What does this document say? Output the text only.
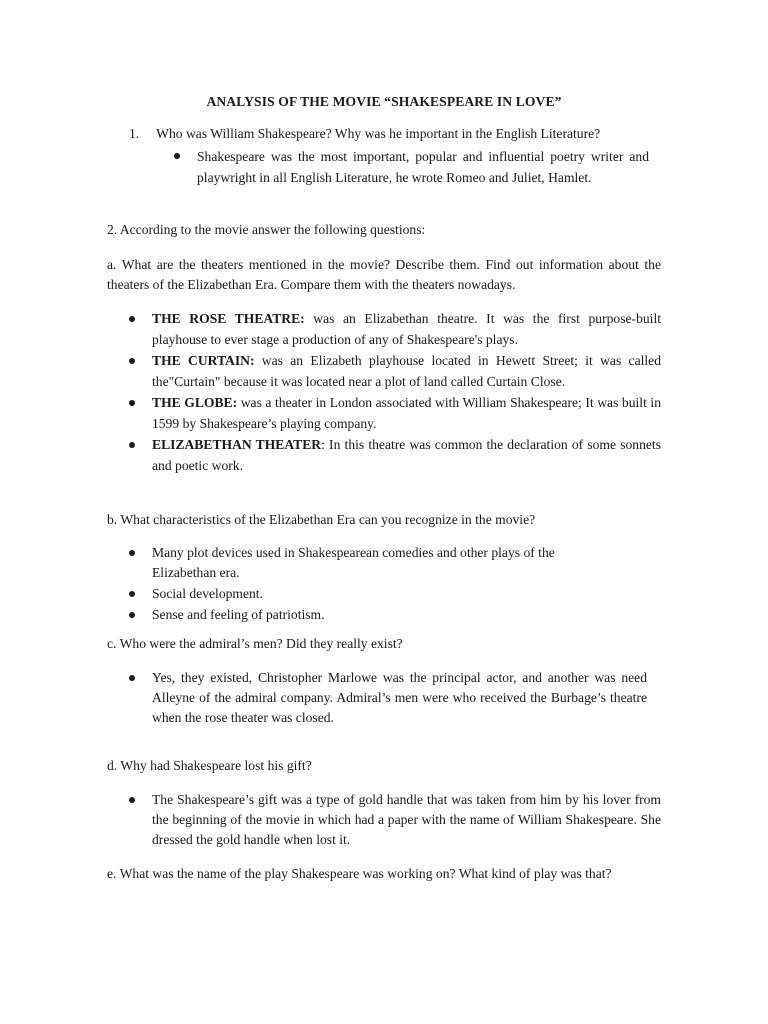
ANALYSIS OF THE MOVIE “SHAKESPEARE IN LOVE”
1. Who was William Shakespeare? Why was he important in the English Literature?
Shakespeare was the most important, popular and influential poetry writer and playwright in all English Literature, he wrote Romeo and Juliet, Hamlet.
2. According to the movie answer the following questions:
a. What are the theaters mentioned in the movie? Describe them. Find out information about the theaters of the Elizabethan Era. Compare them with the theaters nowadays.
THE ROSE THEATRE: was an Elizabethan theatre. It was the first purpose-built playhouse to ever stage a production of any of Shakespeare's plays.
THE CURTAIN: was an Elizabeth playhouse located in Hewett Street; it was called the"Curtain" because it was located near a plot of land called Curtain Close.
THE GLOBE: was a theater in London associated with William Shakespeare; It was built in 1599 by Shakespeare’s playing company.
ELIZABETHAN THEATER: In this theatre was common the declaration of some sonnets and poetic work.
b. What characteristics of the Elizabethan Era can you recognize in the movie?
Many plot devices used in Shakespearean comedies and other plays of the Elizabethan era.
Social development.
Sense and feeling of patriotism.
c. Who were the admiral’s men? Did they really exist?
Yes, they existed, Christopher Marlowe was the principal actor, and another was need Alleyne of the admiral company. Admiral’s men were who received the Burbage’s theatre when the rose theater was closed.
d. Why had Shakespeare lost his gift?
The Shakespeare’s gift was a type of gold handle that was taken from him by his lover from the beginning of the movie in which had a paper with the name of William Shakespeare. She dressed the gold handle when lost it.
e. What was the name of the play Shakespeare was working on? What kind of play was that?
